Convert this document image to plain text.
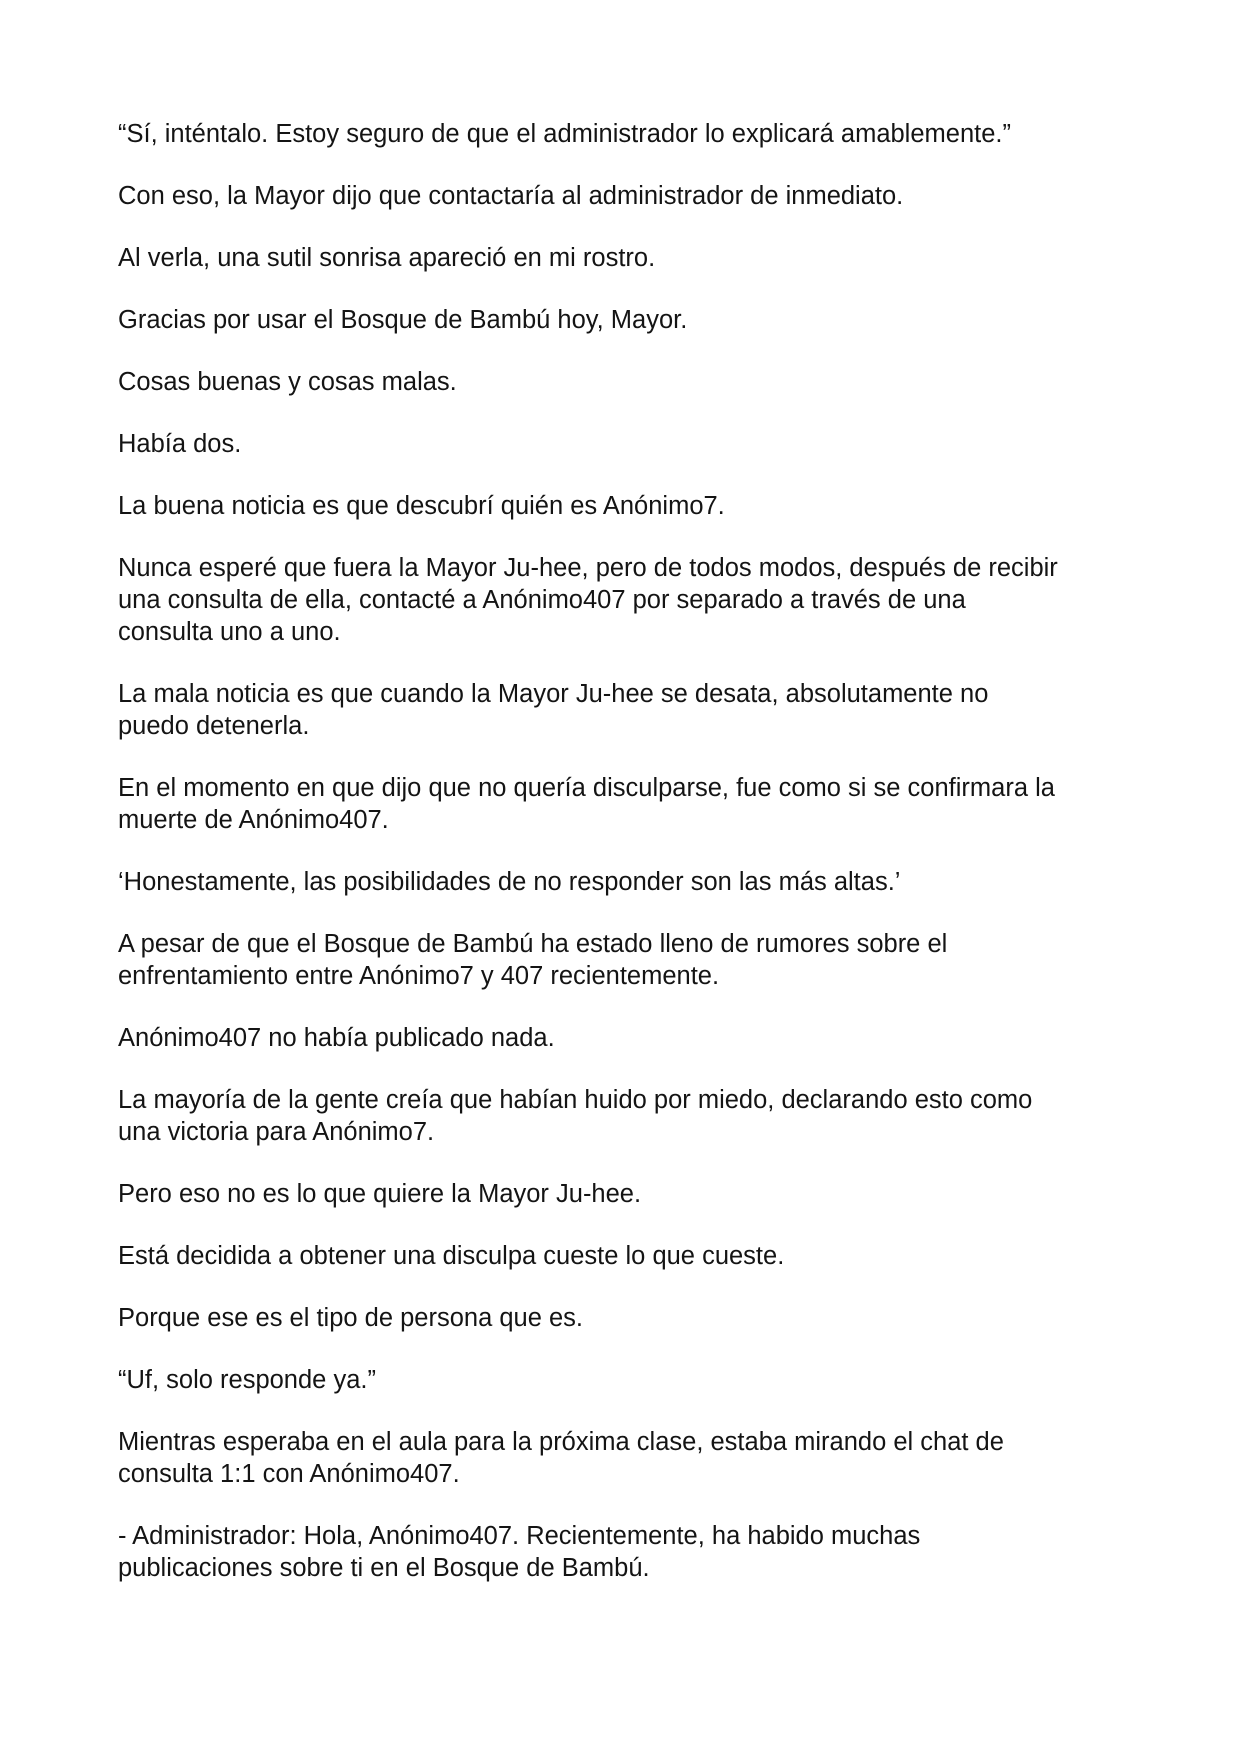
“Sí, inténtalo. Estoy seguro de que el administrador lo explicará amablemente.”

Con eso, la Mayor dijo que contactaría al administrador de inmediato.

Al verla, una sutil sonrisa apareció en mi rostro.

Gracias por usar el Bosque de Bambú hoy, Mayor.

Cosas buenas y cosas malas.

Había dos.

La buena noticia es que descubrí quién es Anónimo7.

Nunca esperé que fuera la Mayor Ju-hee, pero de todos modos, después de recibir
una consulta de ella, contacté a Anónimo407 por separado a través de una
consulta uno a uno.

La mala noticia es que cuando la Mayor Ju-hee se desata, absolutamente no
puedo detenerla.

En el momento en que dijo que no quería disculparse, fue como si se confirmara la
muerte de Anónimo407.

‘Honestamente, las posibilidades de no responder son las más altas.’

A pesar de que el Bosque de Bambú ha estado lleno de rumores sobre el
enfrentamiento entre Anónimo7 y 407 recientemente.

Anónimo407 no había publicado nada.

La mayoría de la gente creía que habían huido por miedo, declarando esto como
una victoria para Anónimo7.

Pero eso no es lo que quiere la Mayor Ju-hee.

Está decidida a obtener una disculpa cueste lo que cueste.

Porque ese es el tipo de persona que es.

“Uf, solo responde ya.”

Mientras esperaba en el aula para la próxima clase, estaba mirando el chat de
consulta 1:1 con Anónimo407.

- Administrador: Hola, Anónimo407. Recientemente, ha habido muchas
publicaciones sobre ti en el Bosque de Bambú.
